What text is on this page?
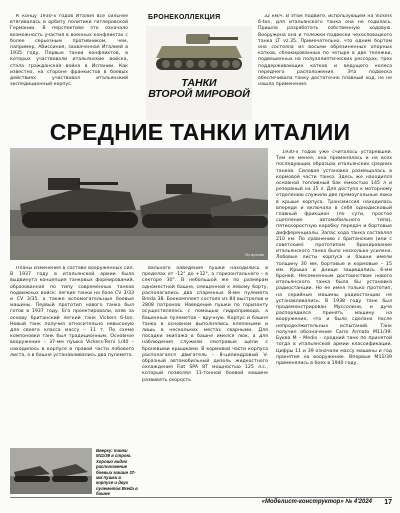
БРОНЕКОЛЛЕКЦИЯ

К концу 1930-х годов Италия все сильнее втягивалась в орбиту политики гитлеровской Германии. В перспективе это означало возможность участия в военных конфликтах с более серьезным противником, чем, например, Абиссиния, захваченная Италией в 1935 году. Первые танки конфликтов, в которых участвовали итальянские войска, стала гражданская война в Испании. Как известно, на стороне франкистов в боевых действиях участвовал итальянский экспедиционный корпус.	ТАНКИ
ВТОРОЙ МИРОВОЙ

32 км/ч. В этом подвиге, использующем на Vickers 6-ton, для итальянского танка она не годилась. Пришла разработать собственную ходовую. Вооружена она и тележки подвески чехословацкого танка LT vz.35. Примечательно, что одним бортом она состояла из восьми обрезиненных опорных катков, сблокированных по четыре в две тележки, подвешенных на полуэллиптических рессорах, трех поддерживающих катков и ведущего колеса переднего расположения. Эта подвеска обеспечивала танку достаточно плавный ход, но не нашла применения.

СРЕДНИЕ ТАНКИ ИТАЛИИ
Из архива

1930-х годов уже считалось устаревшей. Тем не менее, она применялась и на всех последующих образцах итальянских средних танков. Силовая установка размещалась в кормовой части танка. Здесь же находился основной топливный бак емкостью 145 л и резервный на 35 л. Для доступа к моторному отделению служили две прямоугольные люка в крыше корпуса. Трансмиссия находилась впереди и включала в себя однодисковый главный фрикцион (по сути, простое сцепление автомобильного типа), пятискоростную коробку передач и бортовые дифференциалы. Запас хода танка составлял 210 км. По сравнению с британским (или с советским) прототипом бронирование итальянского танка было несколько усилено. Лобовые листы корпуса и башни имели толщину 30 мм, бортовые и кормовые – 15 мм. Крыша и днище защищались 6-мм броней. Несомненным достоинством нового итальянского танка была бы установка радиостанции. Но ее имел только прототип, на серийные машины радиостанции не устанавливались. В 1938 году танк был продемонстрирован Муссолини, и дуче распорядился принять машину на вооружение, что и было сделано после непродолжительных испытаний. Танк получил обозначение Carro Armato M11/39. Буква M – Medio – средний танк по принятой тогда в итальянской армии классификации. Цифры 11 и 39 означали массу машины и год принятия на вооружение. Впервые M11/39 применялись в боях в 1940 году.

Планы изменения в составе вооруженных сил. В 1937 году в итальянской армии была выдвинута концепция танковых формирований, образованная по типу современных танков подвижных войск: легкие танки на базе CV 3/33 и CV 3/35, а также вспомогательные боевые машины. Первый прототип нового танка был готов в 1937 году. Его проектировали, взяв за основу британский легкий танк Vickers 6-ton. Новый танк получил относительно невысокую для своего класса массу – 11 т. По схеме компоновки танк был традиционным. Основное вооружение – 37-мм пушка Vickers-Terni L/40 – находилось в корпусе в правой части лобового листа, а в башне устанавливались два пулемета.

вального наведения пушки находились в пределах от -12° до +12°, а горизонтального – в секторе 30°. В небольшой же по размерам одноместной башне, смещенной к левому борту, располагались два спаренных 8-мм пулемета Breda 38. Боекомплект состоял из 84 выстрелов и 2808 патронов. Наведение пушки по горизонту осуществлялось с помощью гидропривода, а башенных пулеметов – вручную. Корпус и башня танка в основном выполнялись клепаными и лишь в нескольких местах сварными. Для посадки экипажа в башне имелся люк, а для наблюдения служили смотровые щели с броневыми крышками. В кормовой части корпуса располагался двигатель – 8-цилиндровый V-образный автомобильный дизель жидкостного охлаждения Fiat SPA 8T мощностью 125 л.с., который позволял 11-тонной боевой машине развивать скорость

Вверху: танки M11/39 в строю. Хорошо видно расположение боевых машин 37-мм пушки в корпусе и двух пулеметов Breda в башне
«Моделист-конструктор» № 4'2024 17
